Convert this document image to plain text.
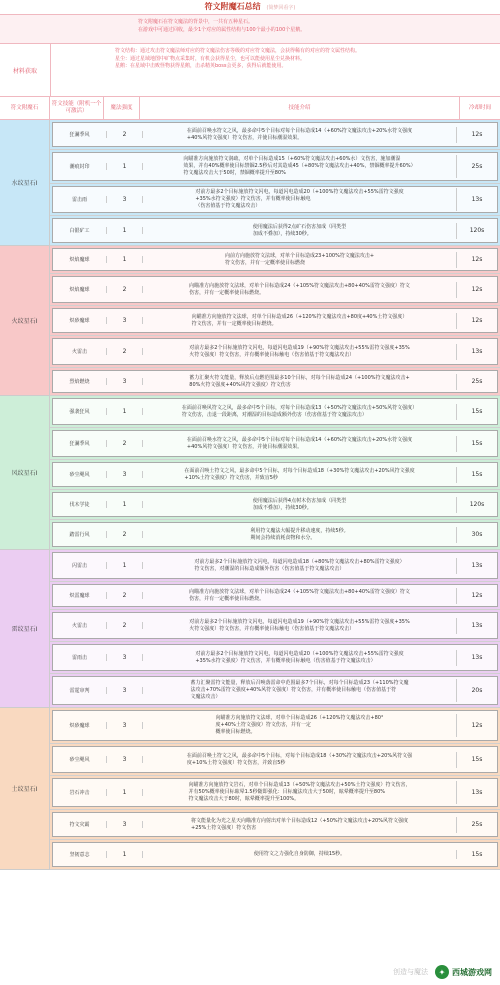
符文附魔石总结 (简梦回看字)
符文附魔石在符文魔法的背景中，一共有五种星石。
在游戏中可通过回收，最少1个对应的属性结构与100个最小的100个星鹅。
材料获取
符文结构：通过攻击符文魔法师对应的符文魔法伤害等级的对应符文魔法，会获得稀有的对应的符文属性结构。
星尘：通过星域地图中矿物点采集时，有机会获得星尘，也可以能使用星尘兑换材料。
星鹅：在星域中击败怪物获得星鹅，击杀精英boss会更多，获得后就能使用。
符文附魔石
符文技能（附机一个可激活）
魔法强度	技能介绍	冷却时间
水纹星石Ⅰ
狂澜季风	2
在面前召唤水符文之风，最多命中5个目标对每个目标造成14（+60%符文魔法攻击+20%水符文强度
+40%风符文强度）符文伤害，并使目标潮湿效果。	12s
潮痕封印	1
向瞄准方向施放符文润疏，对单个目标造成15（+60%符文魔法攻击+60%水）文伤害，施加潮湿
效果，并有40%概率使目标禁锢2.5秒后对其造成45（+80%符文魔法攻击+40%，禁锢概率提升60%）
符文魔法攻击大于50时，禁锢概率提升至80%
25s
雷击雨	3
对前方最多2个目标施放符文闪电，每道闪电造成20（+100%符文魔法攻击+55%雷符文强度
+35%水符文强度）符文伤害，并有概率使目标触电
（伤害值基于符文魔法攻击）
13s
白银矿工	1
使用魔法后获得2点矿石伤害加成（同类型
加成不叠加），持续30秒。	120s
火纹星石Ⅰ
炽焰魔球	1
向前方向施放符文法球，对单个目标造成23+100%符文魔法攻击+
符文伤害，并有一定概率使目标燃烧	12s
炽焰魔球	2
向瞄准方向施放符文法球，对单个目标造成24（+105%符文魔法攻击+80+40%雷符文强度）符文
伤害，并有一定概率使目标燃烧。	12s
炽砂魔球	3
向瞄准方向施放符文法球，对单个目标造成26（+120%符文魔法攻击+80度+40%土符文强度）
符文伤害，并有一定概率使目标燃烧。	12s
火雷击	2
对前方最多2个目标施放符文闪电，每道闪电造成19（+90%符文魔法攻击+55%雷符文强度+35%
火符文强度）符文伤害，并有概率使目标触电（伤害值基于符文魔法攻击）	13s
烈焰燃烧	3
蓄力汇聚火符文能量，释放后点燃范围最多10个目标，对每个目标造成24（+100%符文魔法攻击+
80%火符文强度+40%风符文强度）符文伤害	25s
风纹星石Ⅰ
强袭狂风	1
在面前召唤风符文之风，最多命中5个目标，对每个目标造成13（+50%符文魔法攻击+50%风符文强度）
符文伤害，击退一段距离，对潮湿的目标造成额外伤害（伤害值基于符文魔法攻击）	15s
狂澜季风	2
在面前召唤水符文之风，最多命中5个目标对每个目标造成14（+60%符文魔法攻击+20%水符文强度
+40%风符文强度）符文伤害，并使目标潮湿效果。	15s
砂尘飓风	3
在面前召唤土符文之风，最多命中5个目标，对每个目标造成18（+30%符文魔法攻击+20%风符文强度
+10%土符文强度）符文伤害，并致盲5秒	15s
伐木学徒	1
使用魔法后获得4点树木伤害加成（同类型
加成不叠加），持续30秒。	120s
踏雷行风	2
利用符文魔法大幅提升移动速度，持续5秒。
期间会持续消耗食物和水分。	30s
雷纹星石Ⅰ
闪雷击	1
对前方最多2个目标施放符文闪电，每道闪电造成18（+80%符文魔法攻击+80%雷符文强度）
符文伤害，对潮湿的目标造成额外伤害（伤害值基于符文魔法攻击）	13s
炽雷魔球	2
向瞄准方向施放符文法球，对单个目标造成24（+105%符文魔法攻击+80+40%雷符文强度）符文
伤害，并有一定概率使目标燃烧。	12s
火雷击	2
对前方最多2个目标施放符文闪电，每道闪电造成19（+90%符文魔法攻击+55%雷符文强度+35%
火符文强度）符文伤害，并有概率使目标触电（伤害值基于符文魔法攻击）	13s
雷雨击	3
对前方最多2个目标施放符文闪电，每道闪电造成20（+100%符文魔法攻击+55%雷符文强度
+35%水符文强度）符文伤害，并有概率使目标触电（伤害值基于符文魔法攻击）	13s
雷霆审判	3
蓄力汇聚雷符文能量，释放后召唤落雷命中范围最多7个目标，对每个目标造成23（+110%符文魔
法攻击+70%雷符文强度+40%风符文强度）符文伤害，并有概率使目标触电（伤害值基于符
文魔法攻击）
20s
土纹星石Ⅰ
炽砂魔球	3
向瞄准方向施放符文法球，对单个目标造成26（+120%符文魔法攻击+80°
度+40%土符文强度）符文伤害，并有一定
概率使目标燃烧。
12s
砂尘飓风	3
在面前召唤土符文之风，最多命中5个目标，对每个目标造成18（+30%符文魔法攻击+20%风符文强
度+10%土符文强度）符文伤害，并致盲5秒	15s
岩石冲击	1
向瞄准方向施放符文岩石，对单个目标造成13（+50%符文魔法攻击+50%土符文强度）符文伤害，
并有50%概率使目标眩晕1.5秒随即强化：目标魔法攻击大于50时，眩晕概率提升至80%
符文魔法攻击大于80时，眩晕概率提升至100%。
13s
符文灾霸	3
将文能量化为光之星天向瞄准方向射出对单个目标造成12（+50%符文魔法攻击+20%风符文强度
+25%土符文强度）符文伤害	25s
坚韧意志	1	使用符文之力强化自身防御，持续15秒。	15s
创造与魔法	✦ 西城游戏网
